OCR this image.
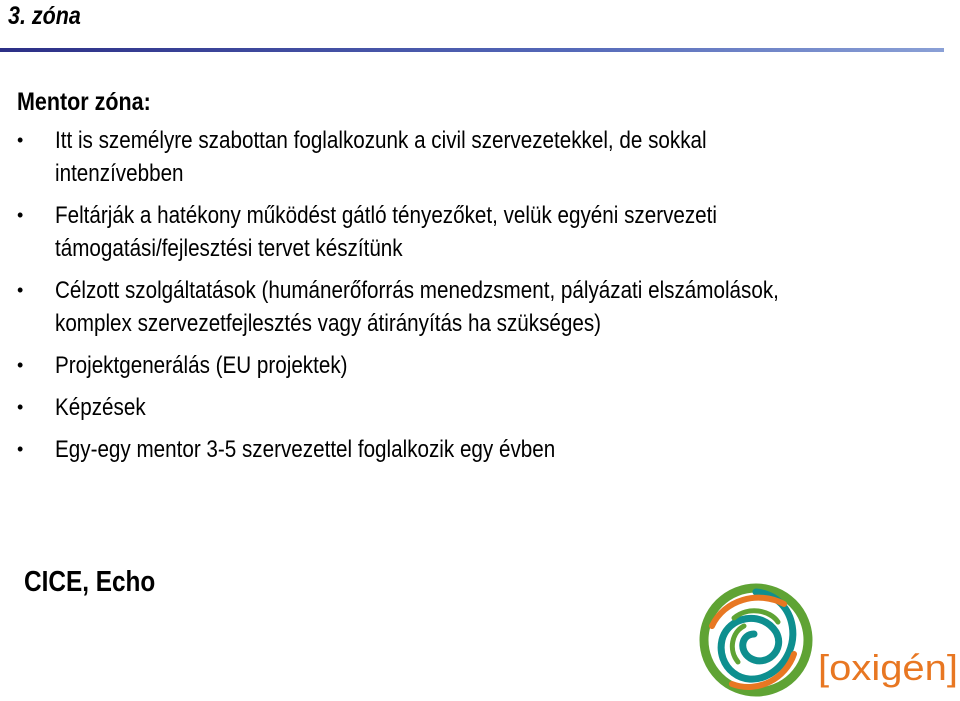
3. zóna
Mentor zóna:
• Itt is személyre szabottan foglalkozunk a civil szervezetekkel, de sokkal
intenzívebben
• Feltárják a hatékony működést gátló tényezőket, velük egyéni szervezeti
támogatási/fejlesztési tervet készítünk
• Célzott szolgáltatások (humánerőforrás menedzsment, pályázati elszámolások,
komplex szervezetfejlesztés vagy átirányítás ha szükséges)
• Projektgenerálás (EU projektek)
• Képzések
• Egy-egy mentor 3-5 szervezettel foglalkozik egy évben
CICE, Echo
[oxigén]
